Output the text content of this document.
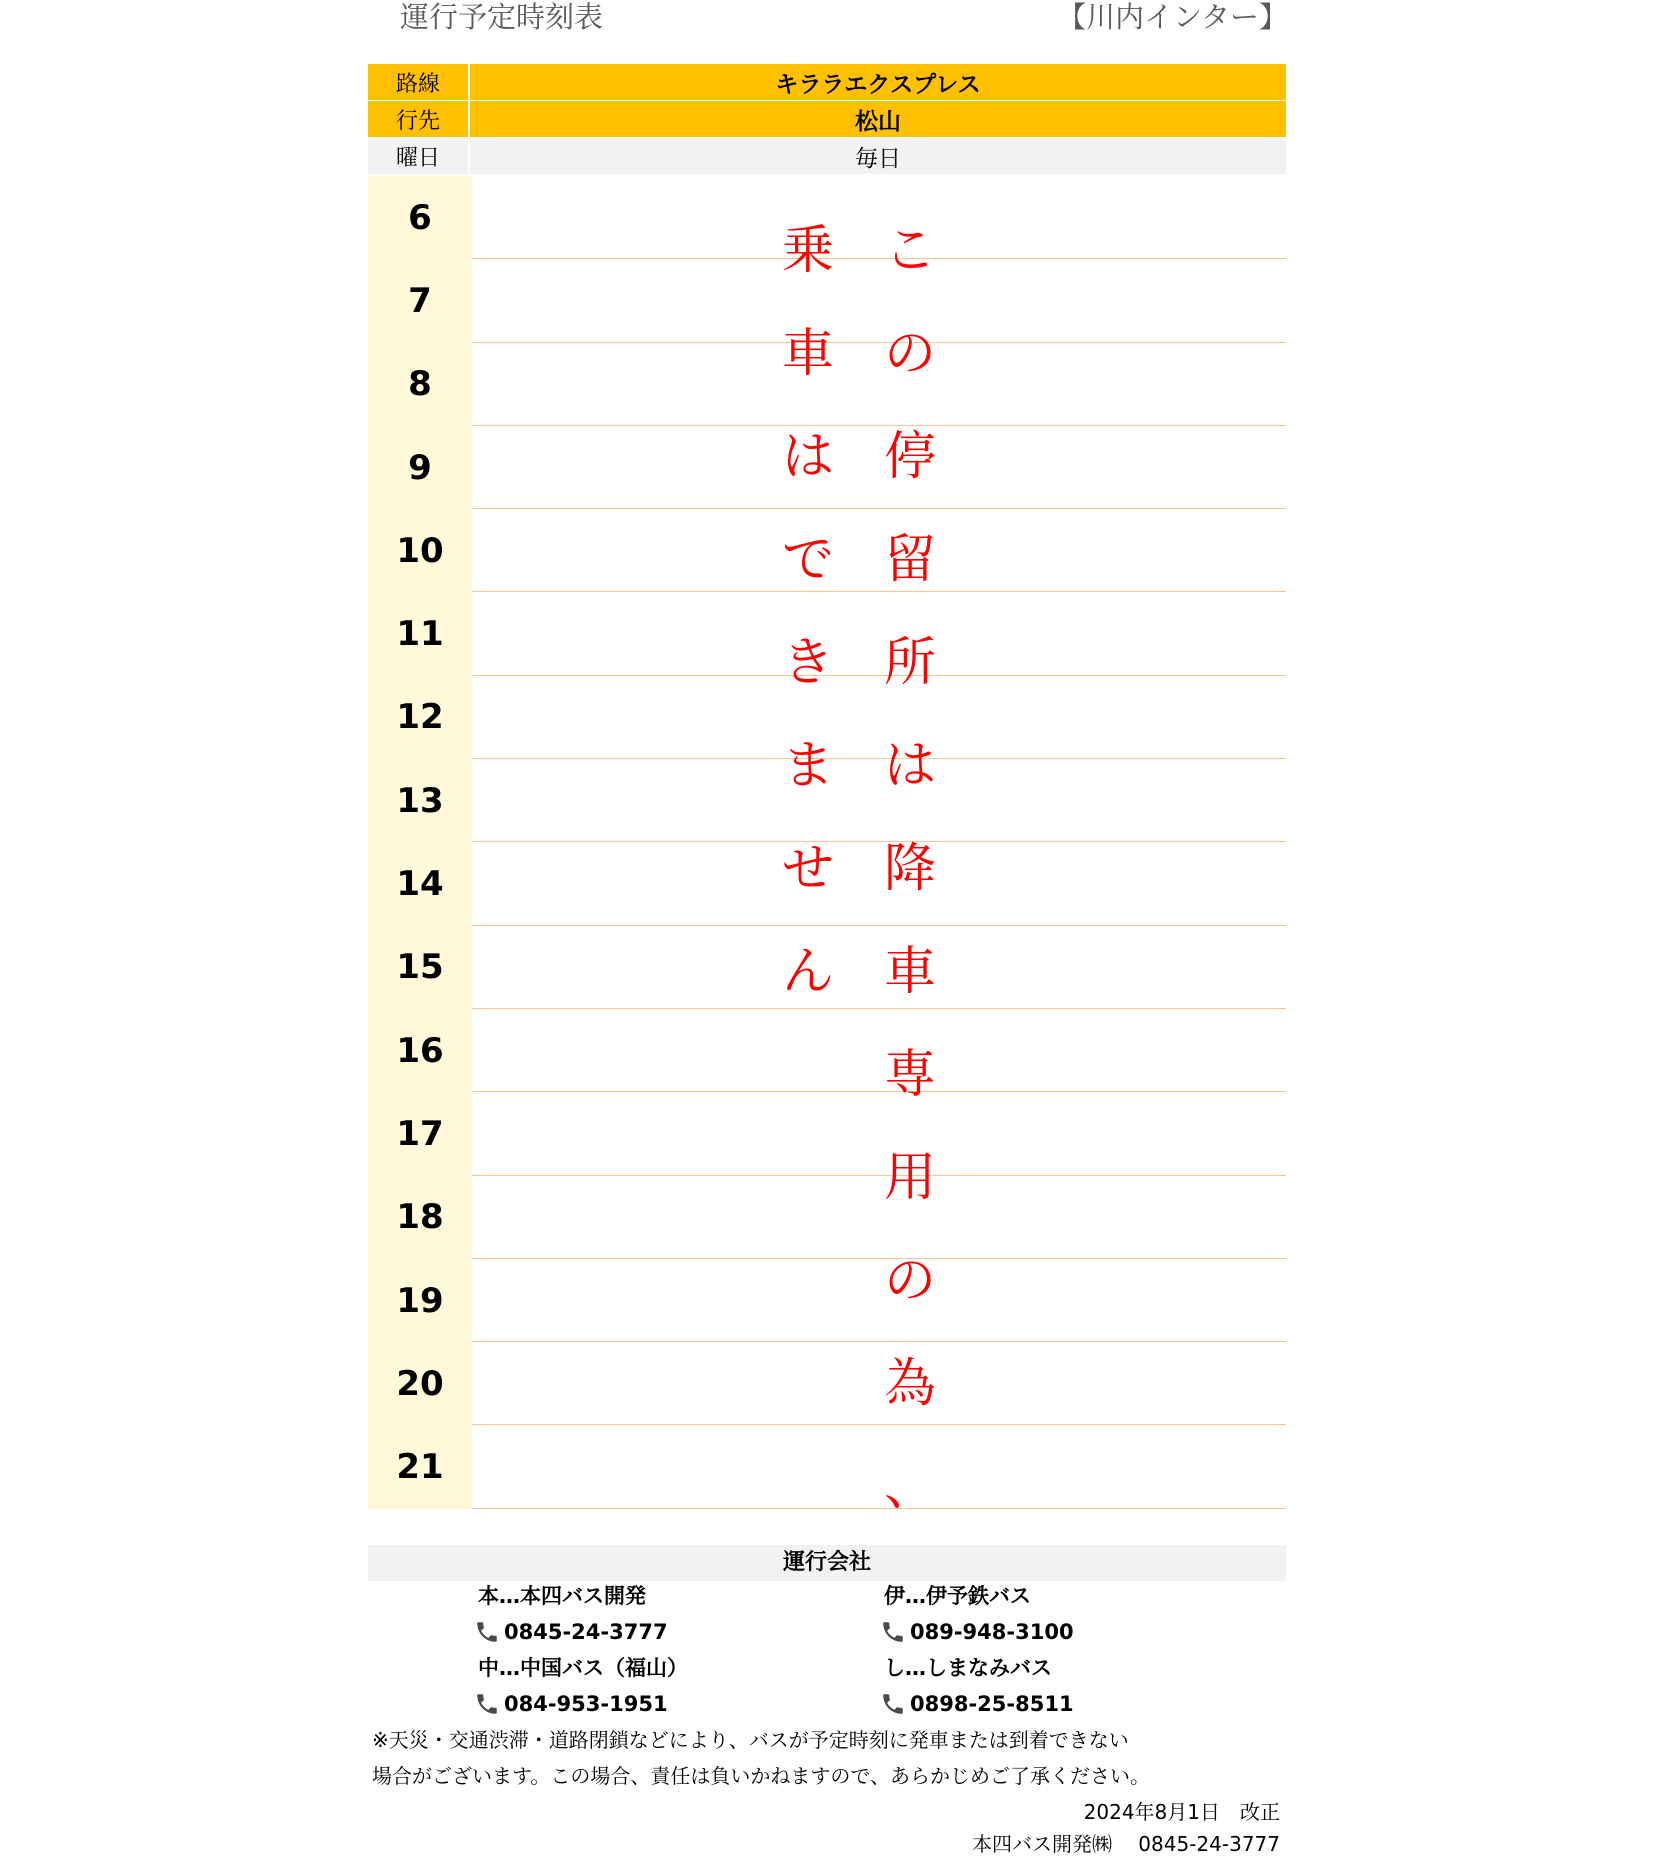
運行予定時刻表	【川内インター】
路線	キララエクスプレス
行先	松山
曜日	毎日
6
7
8
9
10
11
12
13
14
15
16
17
18
19
20
21
こ
の
停
留
所
は
降
車
専
用
の
為
、
乗
車
は
で
き
ま
せ
ん
運行会社
本…本四バス開発
0845-24-3777
伊…伊予鉄バス
089-948-3100
中…中国バス（福山）
084-953-1951
し…しまなみバス
0898-25-8511
※天災・交通渋滞・道路閉鎖などにより、バスが予定時刻に発車または到着できない
場合がございます。この場合、責任は負いかねますので、あらかじめご了承ください。
2024年8月1日　改正
本四バス開発㈱　 0845-24-3777
